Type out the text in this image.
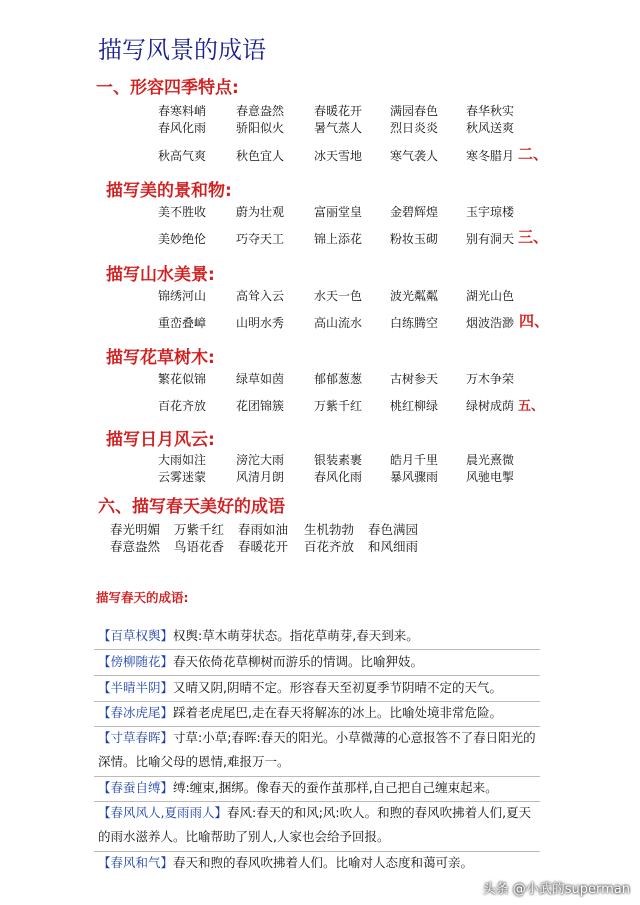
描写风景的成语
一、形容四季特点:
春寒料峭 春意盎然 春暖花开 满园春色 春华秋实
春风化雨 骄阳似火 暑气蒸人 烈日炎炎 秋风送爽
秋高气爽 秋色宜人 冰天雪地 寒气袭人 寒冬腊月 二、
描写美的景和物:
美不胜收 蔚为壮观 富丽堂皇 金碧辉煌 玉宇琼楼
美妙绝伦 巧夺天工 锦上添花 粉妆玉砌 别有洞天 三、
描写山水美景:
锦绣河山 高耸入云 水天一色 波光粼粼 湖光山色
重峦叠嶂 山明水秀 高山流水 白练腾空 烟波浩渺 四、
描写花草树木:
繁花似锦 绿草如茵 郁郁葱葱 古树参天 万木争荣
百花齐放 花团锦簇 万紫千红 桃红柳绿 绿树成荫 五、
描写日月风云:
大雨如注 滂沱大雨 银装素裹 皓月千里 晨光熹微
云雾迷蒙 风清月朗 春风化雨 暴风骤雨 风驰电掣
六、描写春天美好的成语
春光明媚 万紫千红 春雨如油 生机勃勃 春色满园
春意盎然 鸟语花香 春暖花开 百花齐放 和风细雨
描写春天的成语:
【百草权舆】权舆:草木萌芽状态。指花草萌芽,春天到来。
【傍柳随花】春天依倚花草柳树而游乐的情调。比喻狎妓。
【半晴半阴】又晴又阴,阴晴不定。形容春天至初夏季节阴晴不定的天气。
【春冰虎尾】踩着老虎尾巴,走在春天将解冻的冰上。比喻处境非常危险。
【寸草春晖】寸草:小草;春晖:春天的阳光。小草微薄的心意报答不了春日阳光的深情。比喻父母的恩情,难报万一。
【春蚕自缚】缚:缠束,捆绑。像春天的蚕作茧那样,自己把自己缠束起来。
【春风风人,夏雨雨人】春风:春天的和风;风:吹人。和煦的春风吹拂着人们,夏天的雨水滋养人。比喻帮助了别人,人家也会给予回报。
【春风和气】春天和煦的春风吹拂着人们。比喻对人态度和蔼可亲。
头条 @小武的superman
